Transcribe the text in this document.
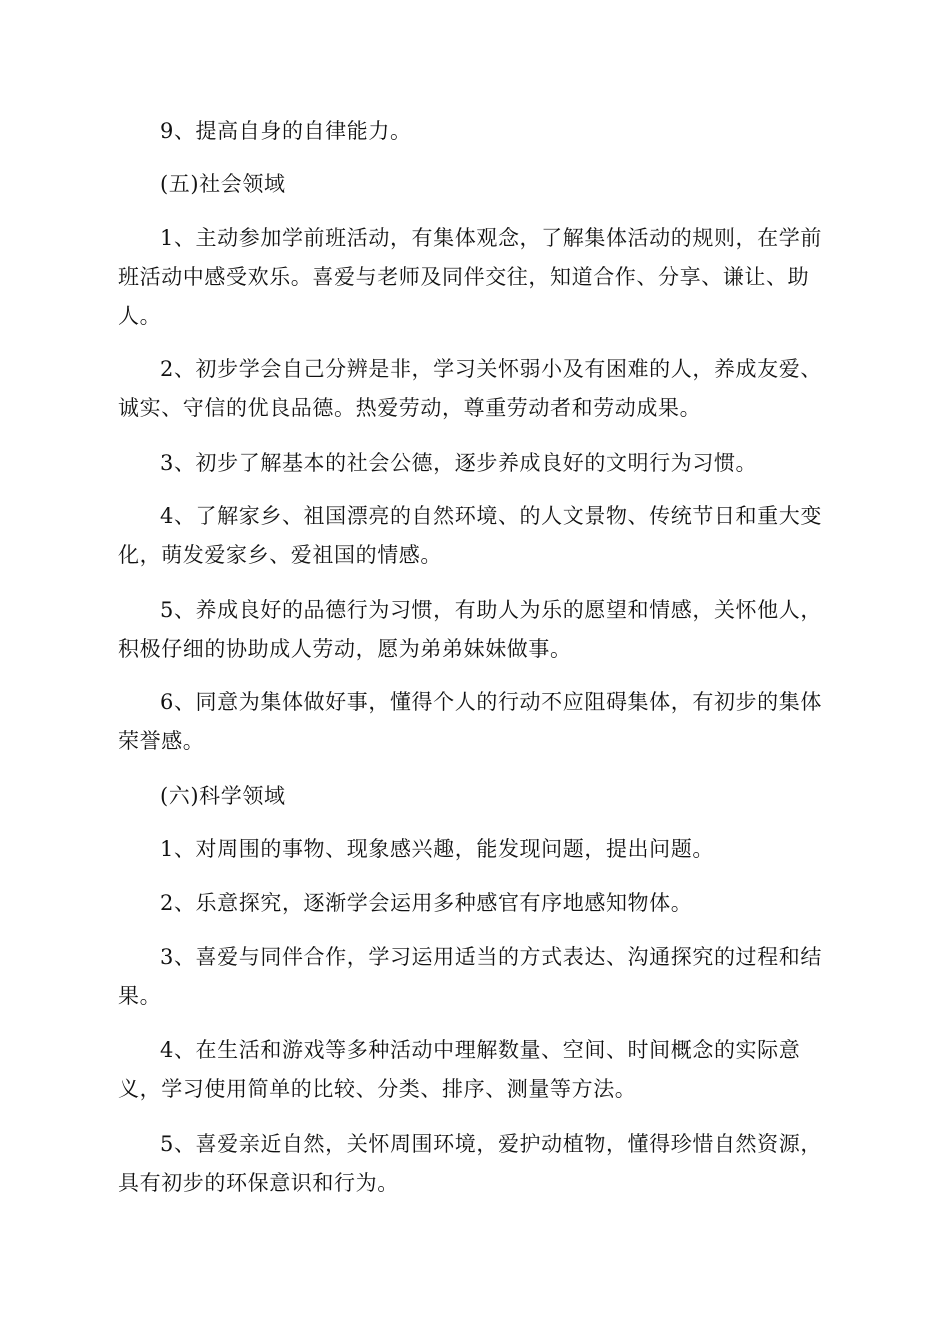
9、提高自身的自律能力。

(五)社会领域

1、主动参加学前班活动，有集体观念，了解集体活动的规则，在学前班活动中感受欢乐。喜爱与老师及同伴交往，知道合作、分享、谦让、助人。

2、初步学会自己分辨是非，学习关怀弱小及有困难的人，养成友爱、诚实、守信的优良品德。热爱劳动，尊重劳动者和劳动成果。

3、初步了解基本的社会公德，逐步养成良好的文明行为习惯。

4、了解家乡、祖国漂亮的自然环境、的人文景物、传统节日和重大变化，萌发爱家乡、爱祖国的情感。

5、养成良好的品德行为习惯，有助人为乐的愿望和情感，关怀他人，积极仔细的协助成人劳动，愿为弟弟妹妹做事。

6、同意为集体做好事，懂得个人的行动不应阻碍集体，有初步的集体荣誉感。

(六)科学领域

1、对周围的事物、现象感兴趣，能发现问题，提出问题。

2、乐意探究，逐渐学会运用多种感官有序地感知物体。

3、喜爱与同伴合作，学习运用适当的方式表达、沟通探究的过程和结果。

4、在生活和游戏等多种活动中理解数量、空间、时间概念的实际意义，学习使用简单的比较、分类、排序、测量等方法。

5、喜爱亲近自然，关怀周围环境，爱护动植物，懂得珍惜自然资源，具有初步的环保意识和行为。
